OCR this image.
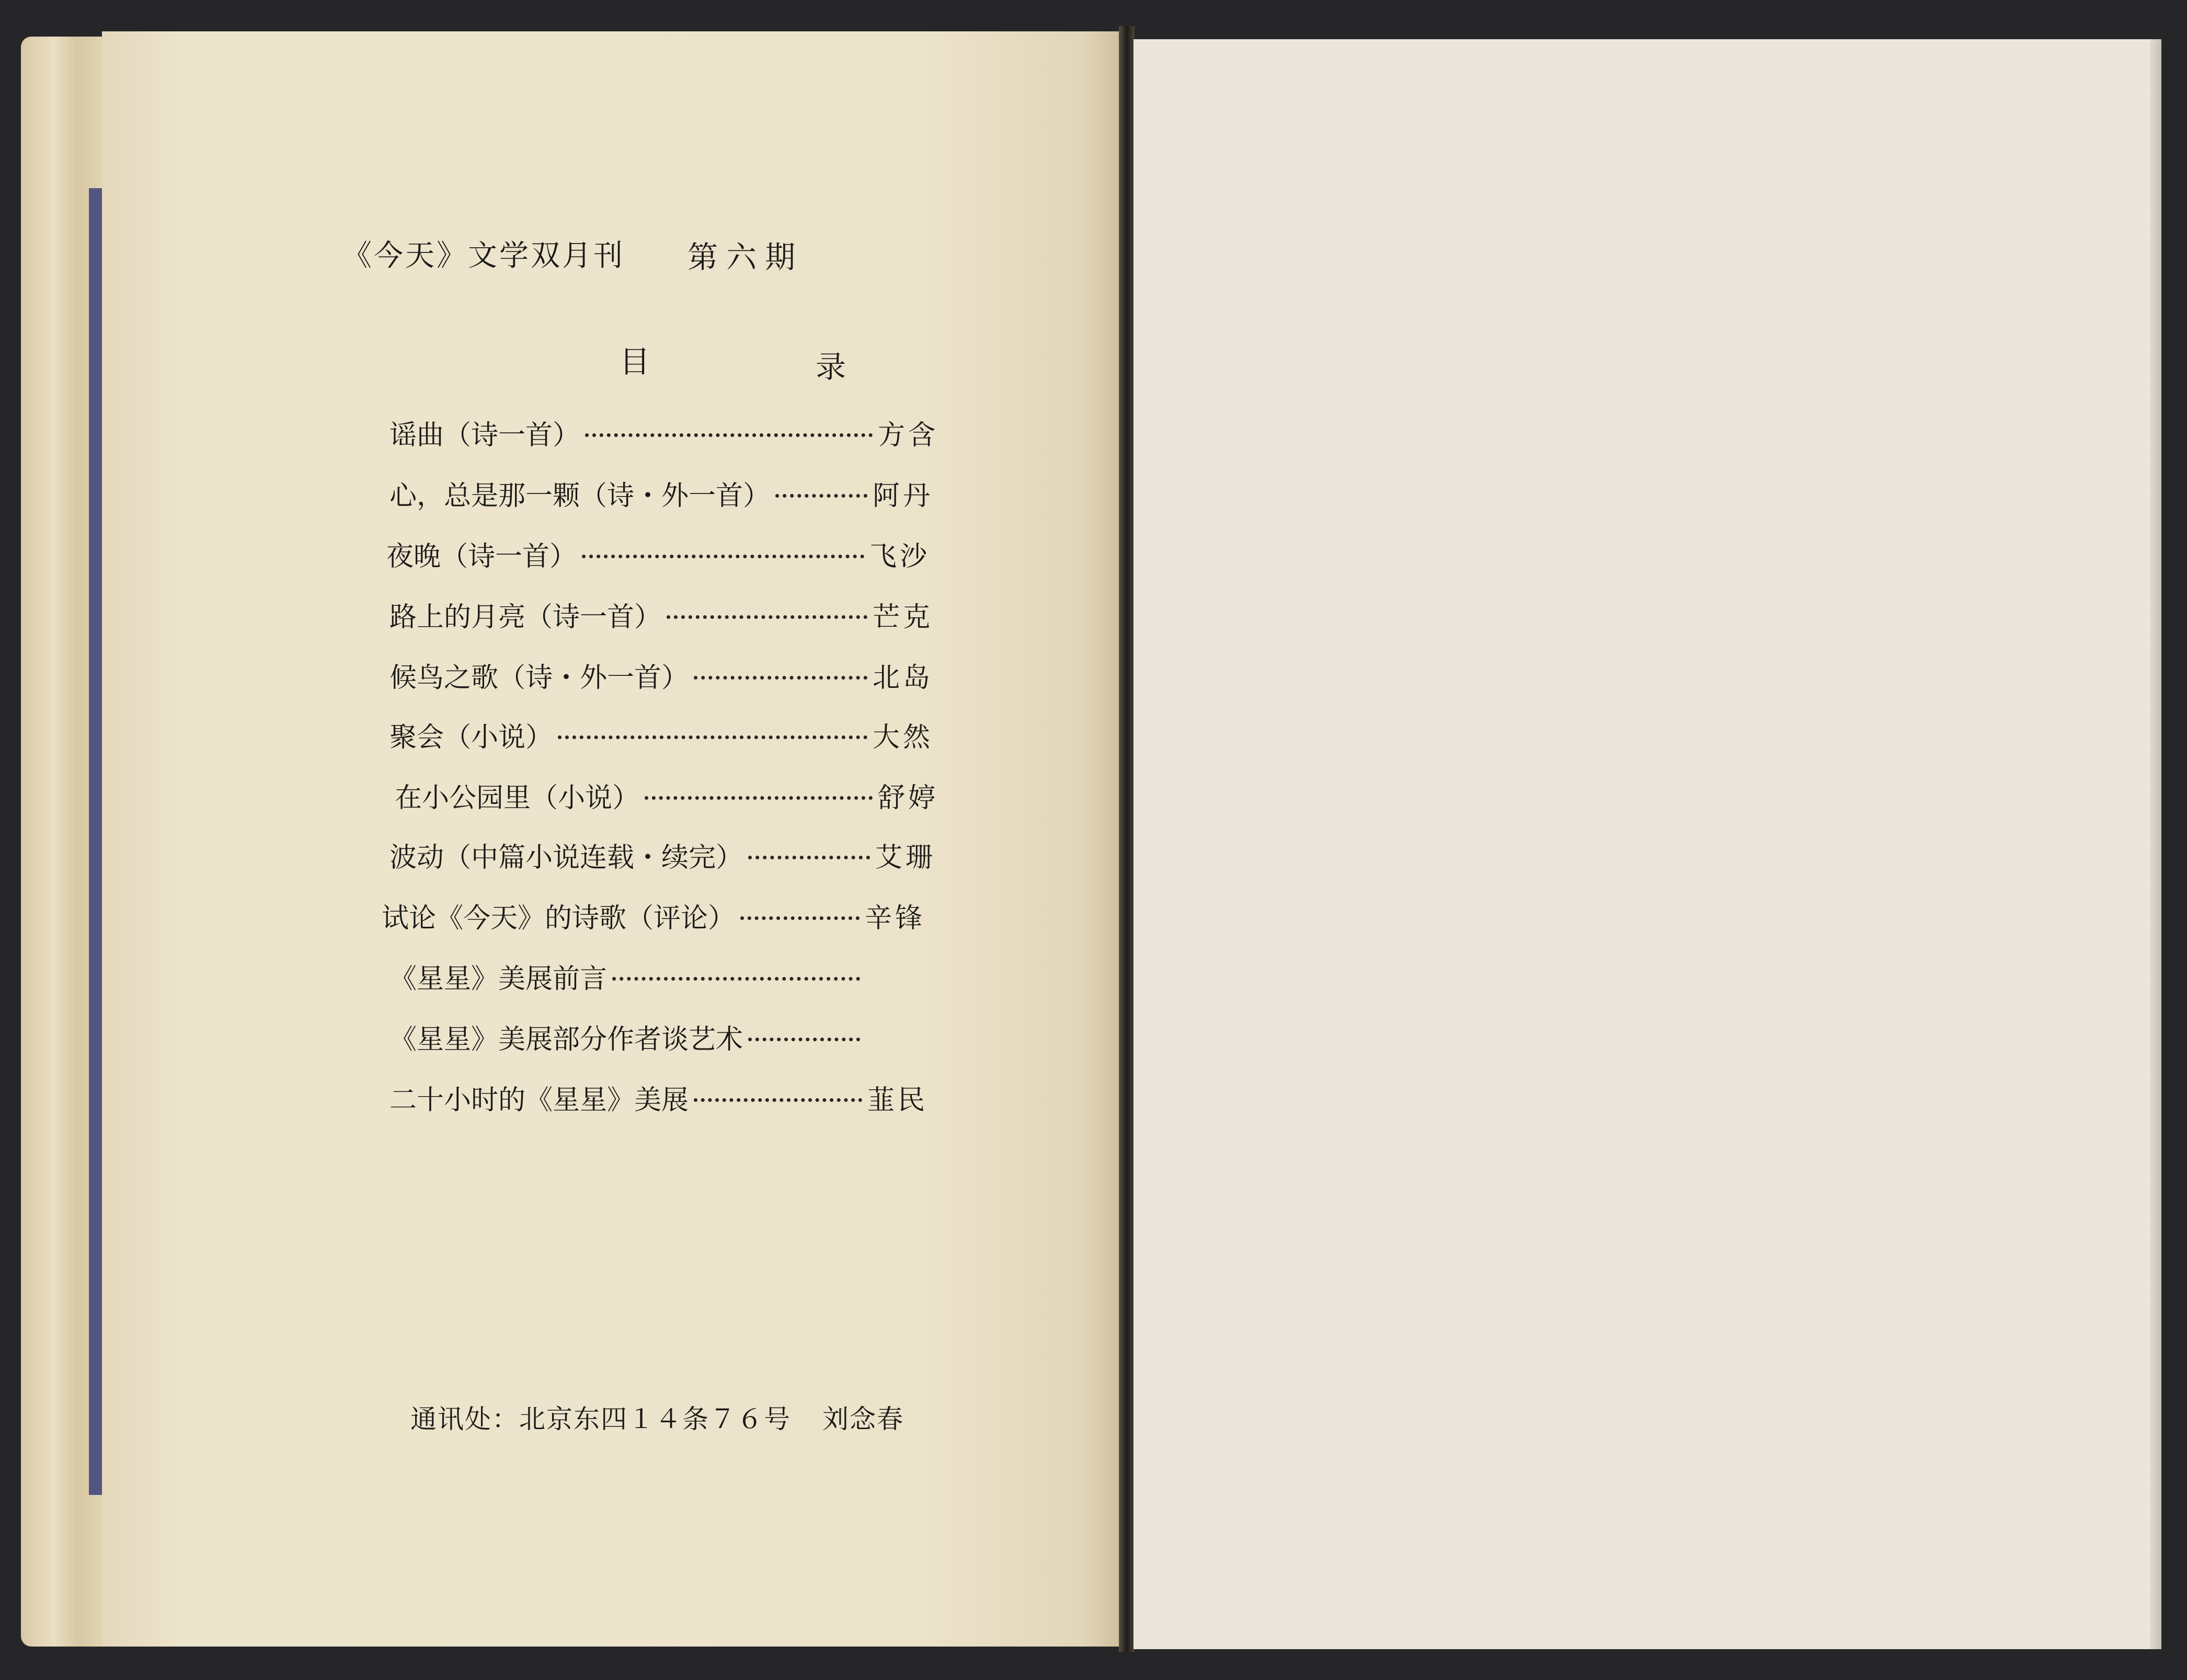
《今天》文学双月刊 第六期
目	录
谣曲（诗一首）	方含
心，总是那一颗（诗・外一首）	阿丹
夜晚（诗一首）	飞沙
路上的月亮（诗一首）	芒克
候鸟之歌（诗・外一首）	北岛
聚会（小说）	大然
在小公园里（小说）	舒婷
波动（中篇小说连载・续完）	艾珊
试论《今天》的诗歌（评论）	辛锋
《星星》美展前言
《星星》美展部分作者谈艺术
二十小时的《星星》美展	韮民
通讯处：北京东四１４条７６号 刘念春
